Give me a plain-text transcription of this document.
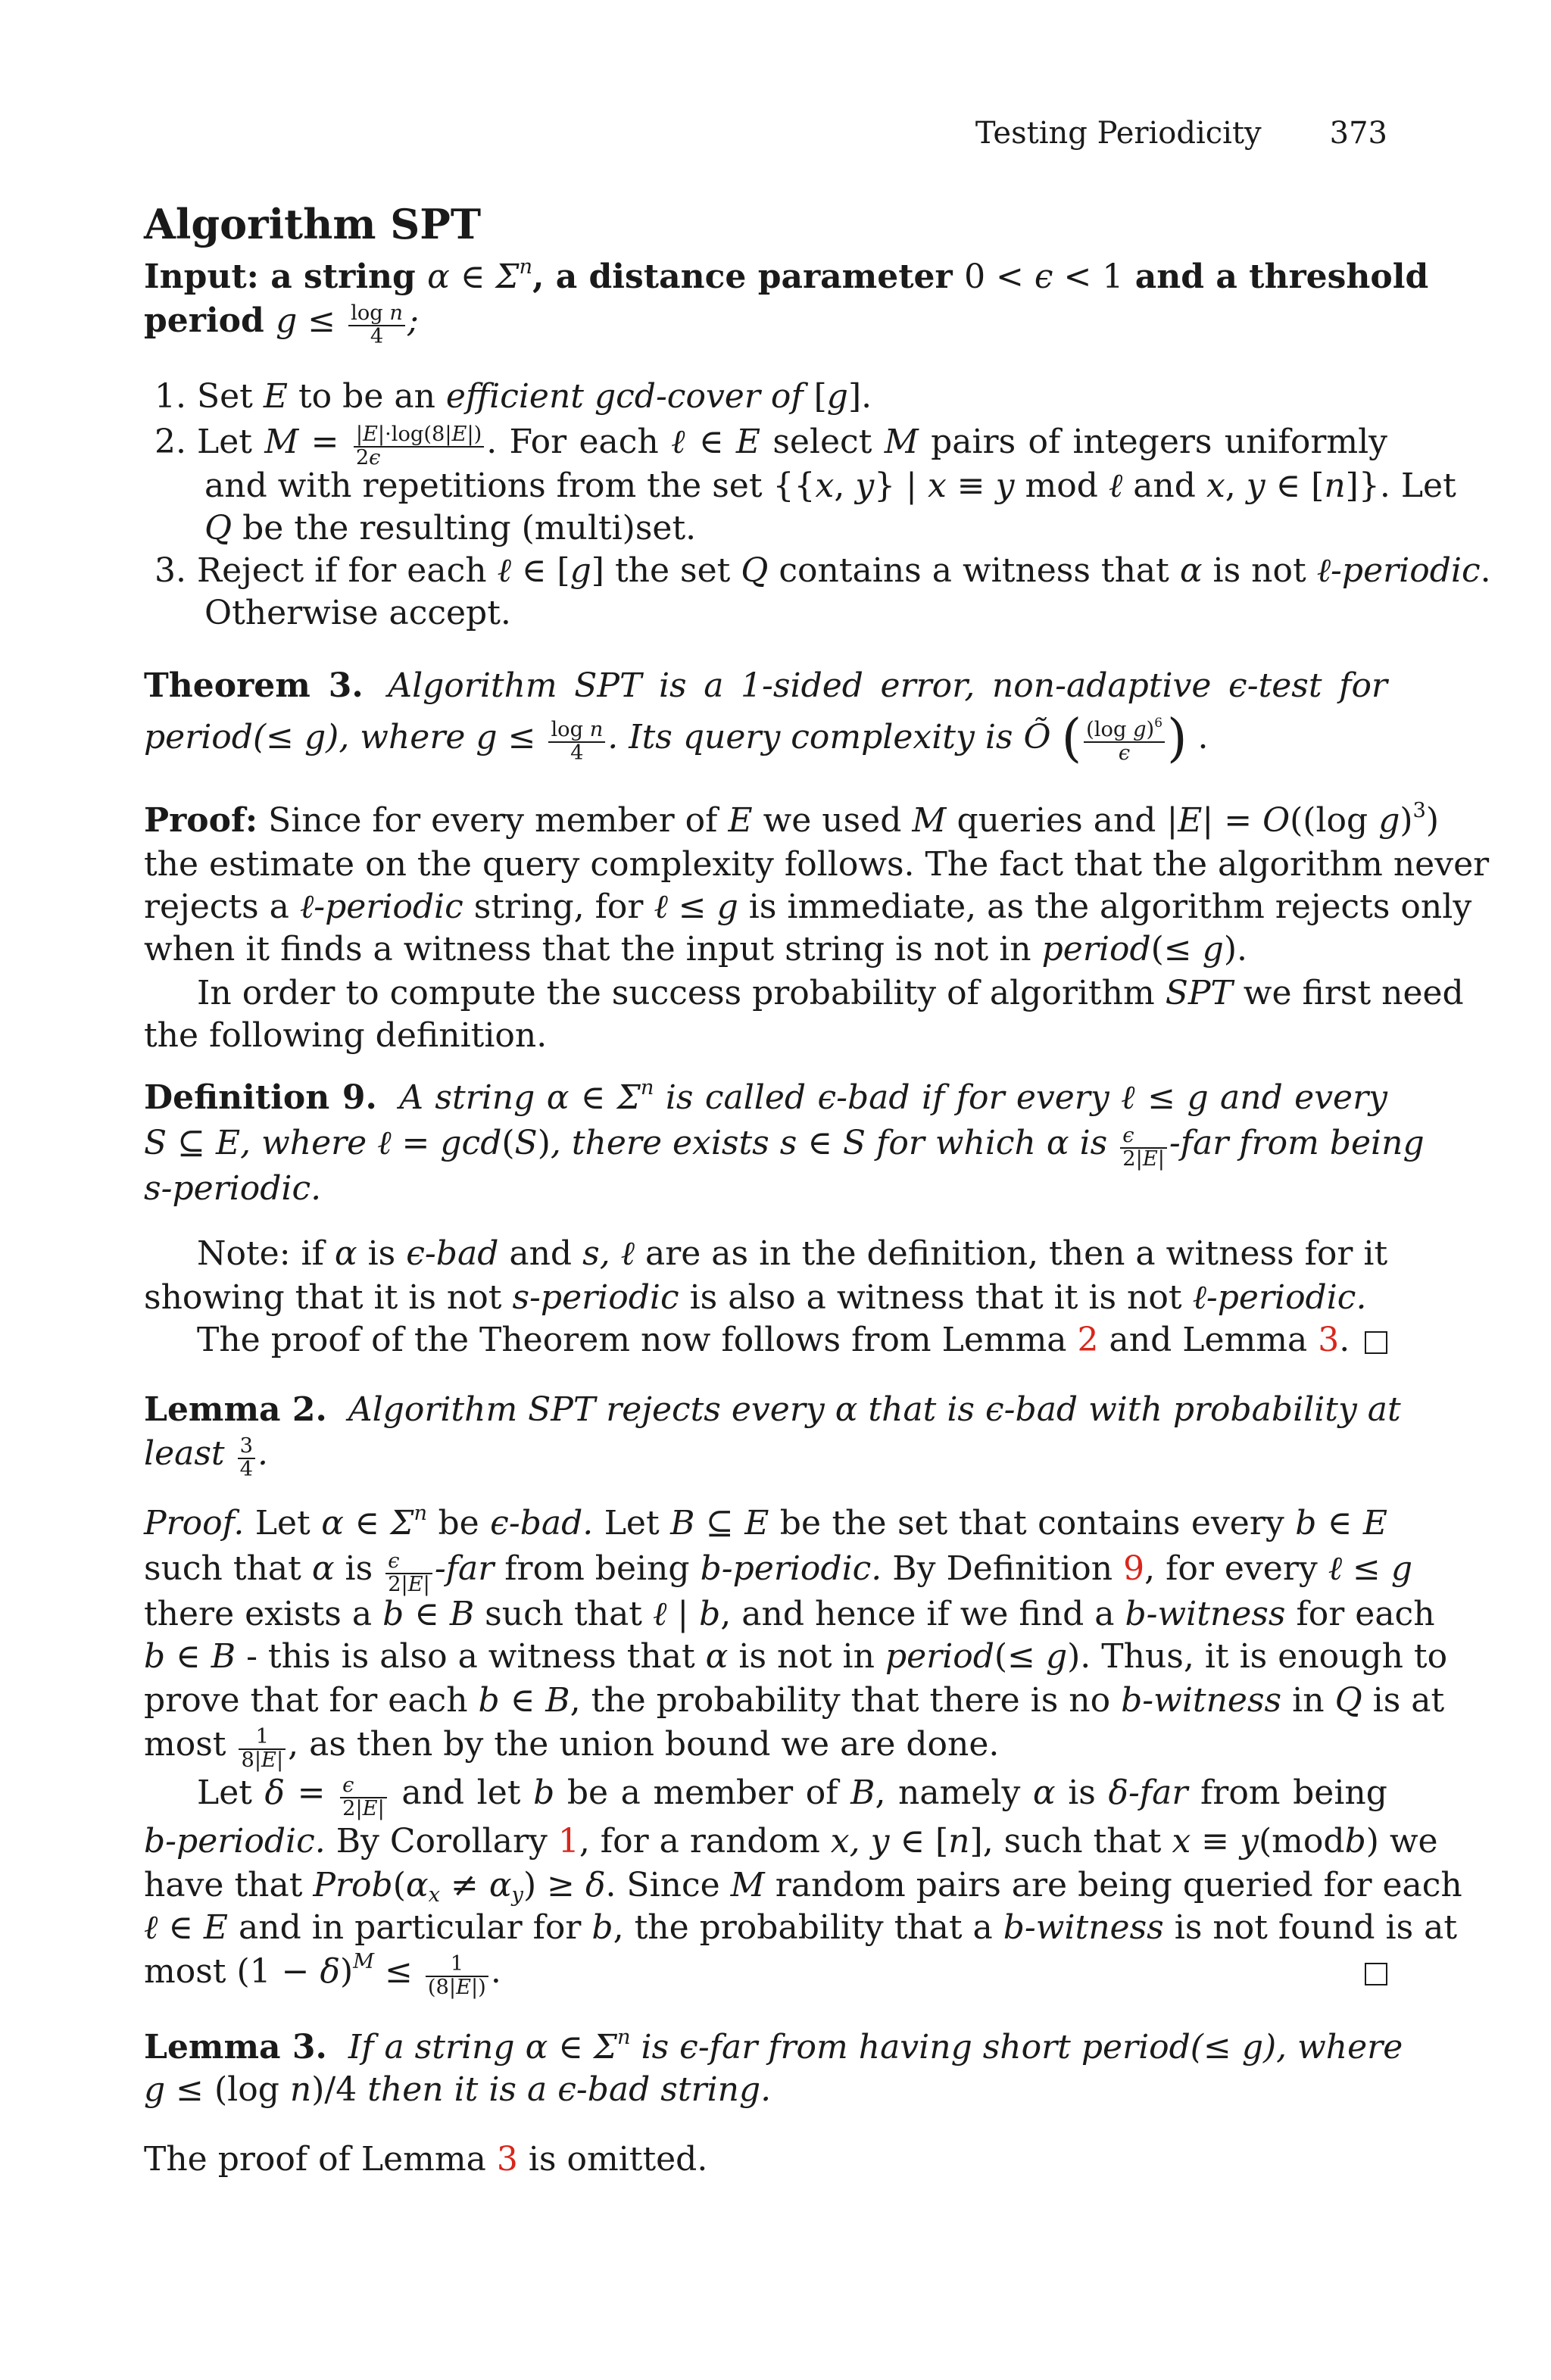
Testing Periodicity 373
Algorithm SPT
Input: a string α ∈ $\Sigma^n$, a distance parameter 0 < ϵ < 1 and a threshold
period $g \le \frac{\text{log n}}{4}$ ;
1. Set E to be an efficient gcd-cover of [g].
2. Let $M = \frac{|E|\cdot\log(8|E|)}{2\epsilon}$ . For each ℓ ∈ E select M pairs of integers uniformly
and with repetitions from the set {{x, y} | x ≡ y mod ℓ and x, y ∈ [n]}. Let
Q be the resulting (multi)set.
3. Reject if for each ℓ ∈ [g] the set Q contains a witness that α is not ℓ-periodic.
Otherwise accept.
Theorem 3. Algorithm SPT is a 1-sided error, non-adaptive ϵ-test for
period(≤ g), where $g \le \frac{\text{log n}}{4}$ . Its query complexity is Õ ( $\frac{(\log g)^6}{\epsilon}$ ) .
Proof: Since for every member of E we used M queries and |E| = O((log g)$^3$)
the estimate on the query complexity follows. The fact that the algorithm never
rejects a ℓ-periodic string, for ℓ ≤ g is immediate, as the algorithm rejects only
when it finds a witness that the input string is not in period(≤ g).
In order to compute the success probability of algorithm SPT we first need
the following definition.
Definition 9. A string α ∈ $\Sigma^n$ is called ϵ-bad if for every ℓ ≤ g and every
S ⊆ E, where ℓ = gcd(S), there exists s ∈ S for which α is $\frac{\epsilon}{2|E|} -far$ from being
s-periodic.
Note: if α is ϵ-bad and s, ℓ are as in the definition, then a witness for it
showing that it is not s-periodic is also a witness that it is not ℓ-periodic.
The proof of the Theorem now follows from Lemma 2 and Lemma 3.
Lemma 2. Algorithm SPT rejects every α that is ϵ-bad with probability at
least $\frac{3}{4}$ .
Proof. Let α ∈ $\Sigma^n$ be ϵ-bad. Let B ⊆ E be the set that contains every b ∈ E
such that α is $\frac{\epsilon}{2|E|} -far$ from being b-periodic. By Definition 9, for every ℓ ≤ g
there exists a b ∈ B such that ℓ | b, and hence if we find a b-witness for each
b ∈ B - this is also a witness that α is not in period(≤ g). Thus, it is enough to
prove that for each b ∈ B, the probability that there is no b-witness in Q is at
most $\frac{1}{8|E|}$ , as then by the union bound we are done.
Let $\delta = \frac{\epsilon}{2|E|}$ and let b be a member of B, namely α is δ-far from being
b-periodic. By Corollary 1, for a random x, y ∈ [n], such that x ≡ y(modb) we
have that $Prob(\alpha_x \ne \alpha_y) \ge \delta$. Since M random pairs are being queried for each
ℓ ∈ E and in particular for b, the probability that a b-witness is not found is at
most $(1 - \delta)^M \le \frac{1}{(8|E|)}$ .
Lemma 3. If a string α ∈ $\Sigma^n$ is ϵ-far from having short period(≤ g), where
g ≤ (log n)/4 then it is a ϵ-bad string.
The proof of Lemma 3 is omitted.
